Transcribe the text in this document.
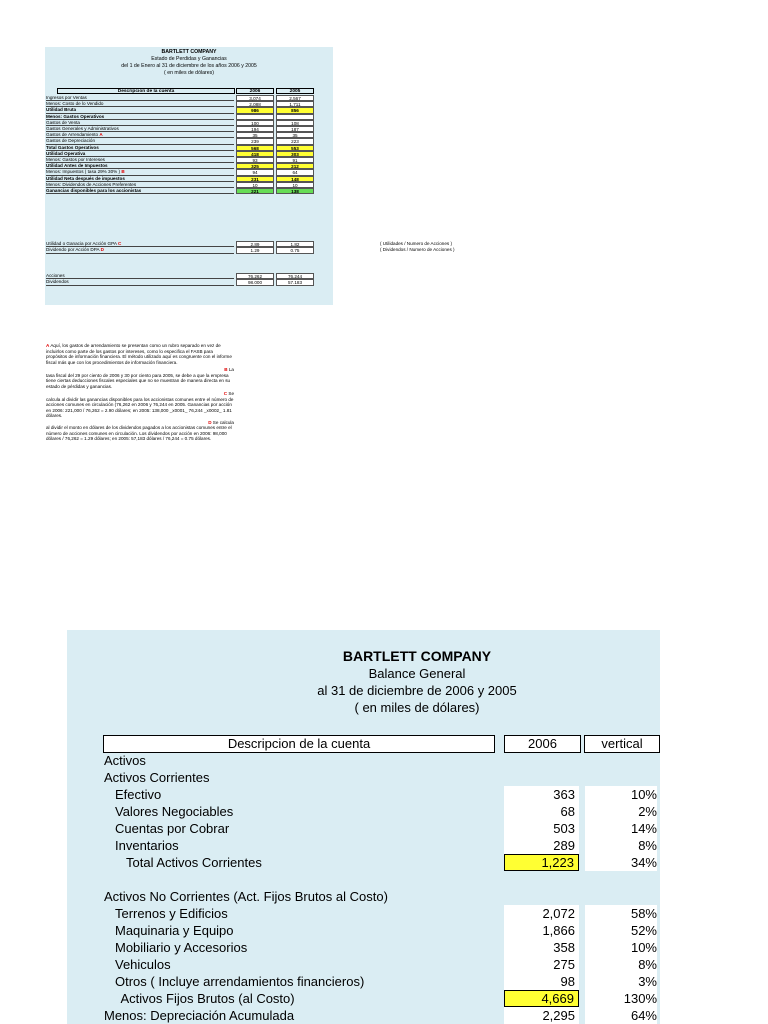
BARTLETT COMPANY
Estado de Perdidas y Ganancias
del 1 de Enero al 31 de diciembre de los años 2006 y 2005
( en miles de dólares)
Descripcion de la cuenta	2006	2005
Ingresos por Ventas	3,074	2,567
Menos: Costo de lo Vendido	2,088	1,711
Utilidad Bruta	986	856
Menos: Gastos Operativos
Gastos de Venta	100	108
Gastos Generales y Administrativos	194	187
Gastos de Arrendamiento A	35	35
Gastos de Depreciación	239	223
Total Gastos Operativos	568	553
Utilidad Operativa	418	303
Menos: Gastos por Intereses	93	91
Utilidad Antes de Impuestos	325	212
Menos: Impuestos ( tasa 29% 30% ) B	94	64
Utilidad Neta después de impuestos	231	148
Menos: Dividendos de Acciones Preferentes	10	10
Ganancias disponibles para los accionistas	221	138
Utilidad o Ganacia por Acción GPA C	2.89	1.82
Dividendo por Acción DPA D	1.29	0.75
Acciones	76.262	76.244
Dividendos	98.000	57.183
( Utilidades / Numero de Acciones )
( Dividendos / Numero de Acciones )

A Aquí, los gastos de arrendamiento se presentan como un rubro separado en vez de incluirlos como parte de los gastos por intereses, como lo especifica el FASB para propósitos de información financiera. El método utilizado aquí es congruente con el informe fiscal más que con los procedimientos de información financiera.

B La

tasa fiscal del 29 por ciento de 2006 y 30 por ciento para 2005, se debe a que la empresa tiene ciertas deducciones fiscales especiales que no se muestran de manera directa en su estado de pérdidas y ganancias.

C Se

calcula al dividir las ganancias disponibles para los accionistas comunes entre el número de acciones comunes en circulación (76,262 en 2006 y 76,244 en 2005. Ganancias por acción en 2006: 221,000 / 76,262 = 2.90 dólares; en 2005: 138,000 _x0001_ 76,244 _x0002_ 1.81 dólares.

D Se calcula

al dividir el monto en dólares de los dividendos pagados a los accionistas comunes entre el número de acciones comunes en circulación. Los dividendos por acción en 2006: 98,000 dólares / 76,262 = 1.29 dólares; en 2005: 57,183 dólares / 76,244 = 0.75 dólares.

BARTLETT COMPANY
Balance General
al 31 de diciembre de 2006 y 2005
( en miles de dólares)
Descripcion de la cuenta	2006	vertical
Activos
Activos Corrientes
Efectivo	363	10%
Valores Negociables	68	2%
Cuentas por Cobrar	503	14%
Inventarios	289	8%
Total Activos Corrientes	1,223	34%
Activos No Corrientes (Act. Fijos Brutos al Costo)
Terrenos y Edificios	2,072	58%
Maquinaria y Equipo	1,866	52%
Mobiliario y Accesorios	358	10%
Vehiculos	275	8%
Otros ( Incluye arrendamientos financieros)	98	3%
Activos Fijos Brutos (al Costo)	4,669	130%
Menos: Depreciación Acumulada	2,295	64%
